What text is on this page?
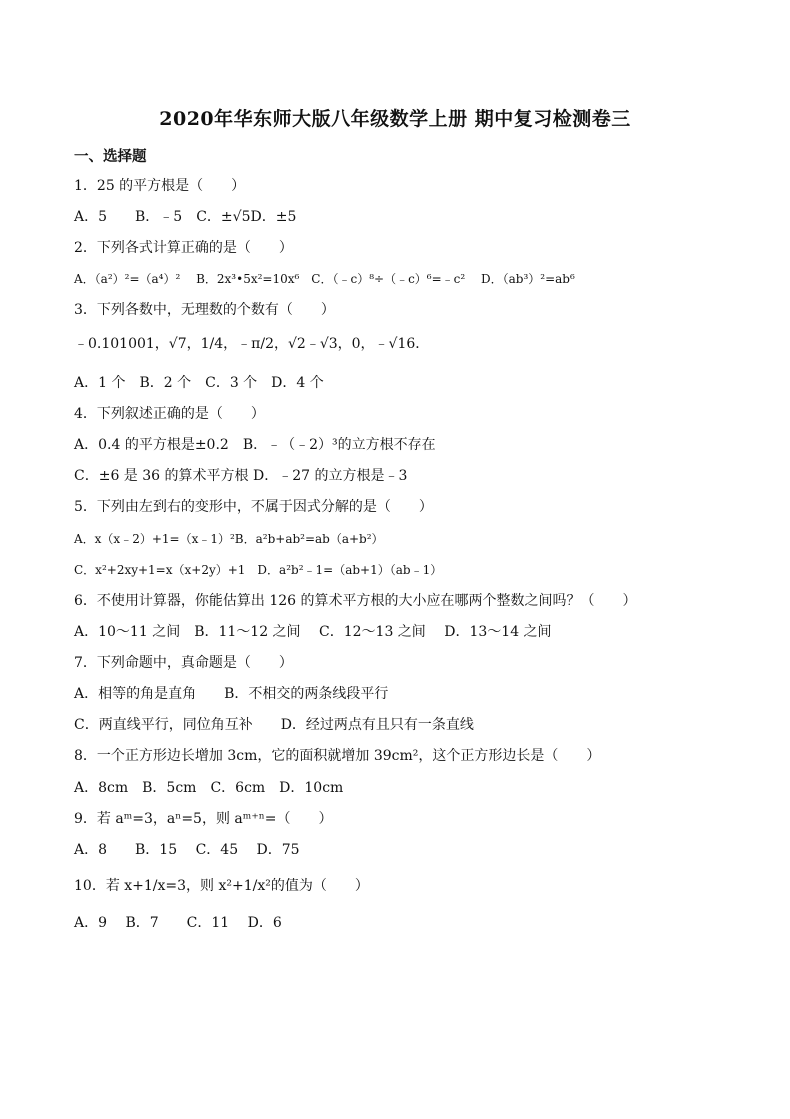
2020年华东师大版八年级数学上册 期中复习检测卷三
一、选择题
1．25 的平方根是（　　）
A．5　　B．﹣5　C．±√5D．±5
2．下列各式计算正确的是（　　）
A．（a²）²=（a⁴）²　 B．2x³•5x²=10x⁶　C．（﹣c）⁸÷（﹣c）⁶=﹣c²　 D．（ab³）²=ab⁶
3．下列各数中，无理数的个数有（　　）
﹣0.101001，√7，1/4，﹣π/2，√2﹣√3，0，﹣√16．
A．1 个　B．2 个　C．3 个　D．4 个
4．下列叙述正确的是（　　）
A．0.4 的平方根是±0.2　B．﹣（﹣2）³的立方根不存在
C．±6 是 36 的算术平方根 D．﹣27 的立方根是﹣3
5．下列由左到右的变形中，不属于因式分解的是（　　）
A．x（x﹣2）+1=（x﹣1）²B．a²b+ab²=ab（a+b²）
C．x²+2xy+1=x（x+2y）+1　D．a²b²﹣1=（ab+1）（ab﹣1）
6．不使用计算器，你能估算出 126 的算术平方根的大小应在哪两个整数之间吗？（　　）
A．10～11 之间　B．11～12 之间　 C．12～13 之间　 D．13～14 之间
7．下列命题中，真命题是（　　）
A．相等的角是直角　　B．不相交的两条线段平行
C．两直线平行，同位角互补　　D．经过两点有且只有一条直线
8．一个正方形边长增加 3cm，它的面积就增加 39cm²，这个正方形边长是（　　）
A．8cm　B．5cm　C．6cm　D．10cm
9．若 aᵐ=3，aⁿ=5，则 aᵐ⁺ⁿ=（　　）
A．8　　B．15　 C．45　 D．75
10．若 x+1/x=3，则 x²+1/x²的值为（　　）
A．9　 B．7　　C．11　 D．6
